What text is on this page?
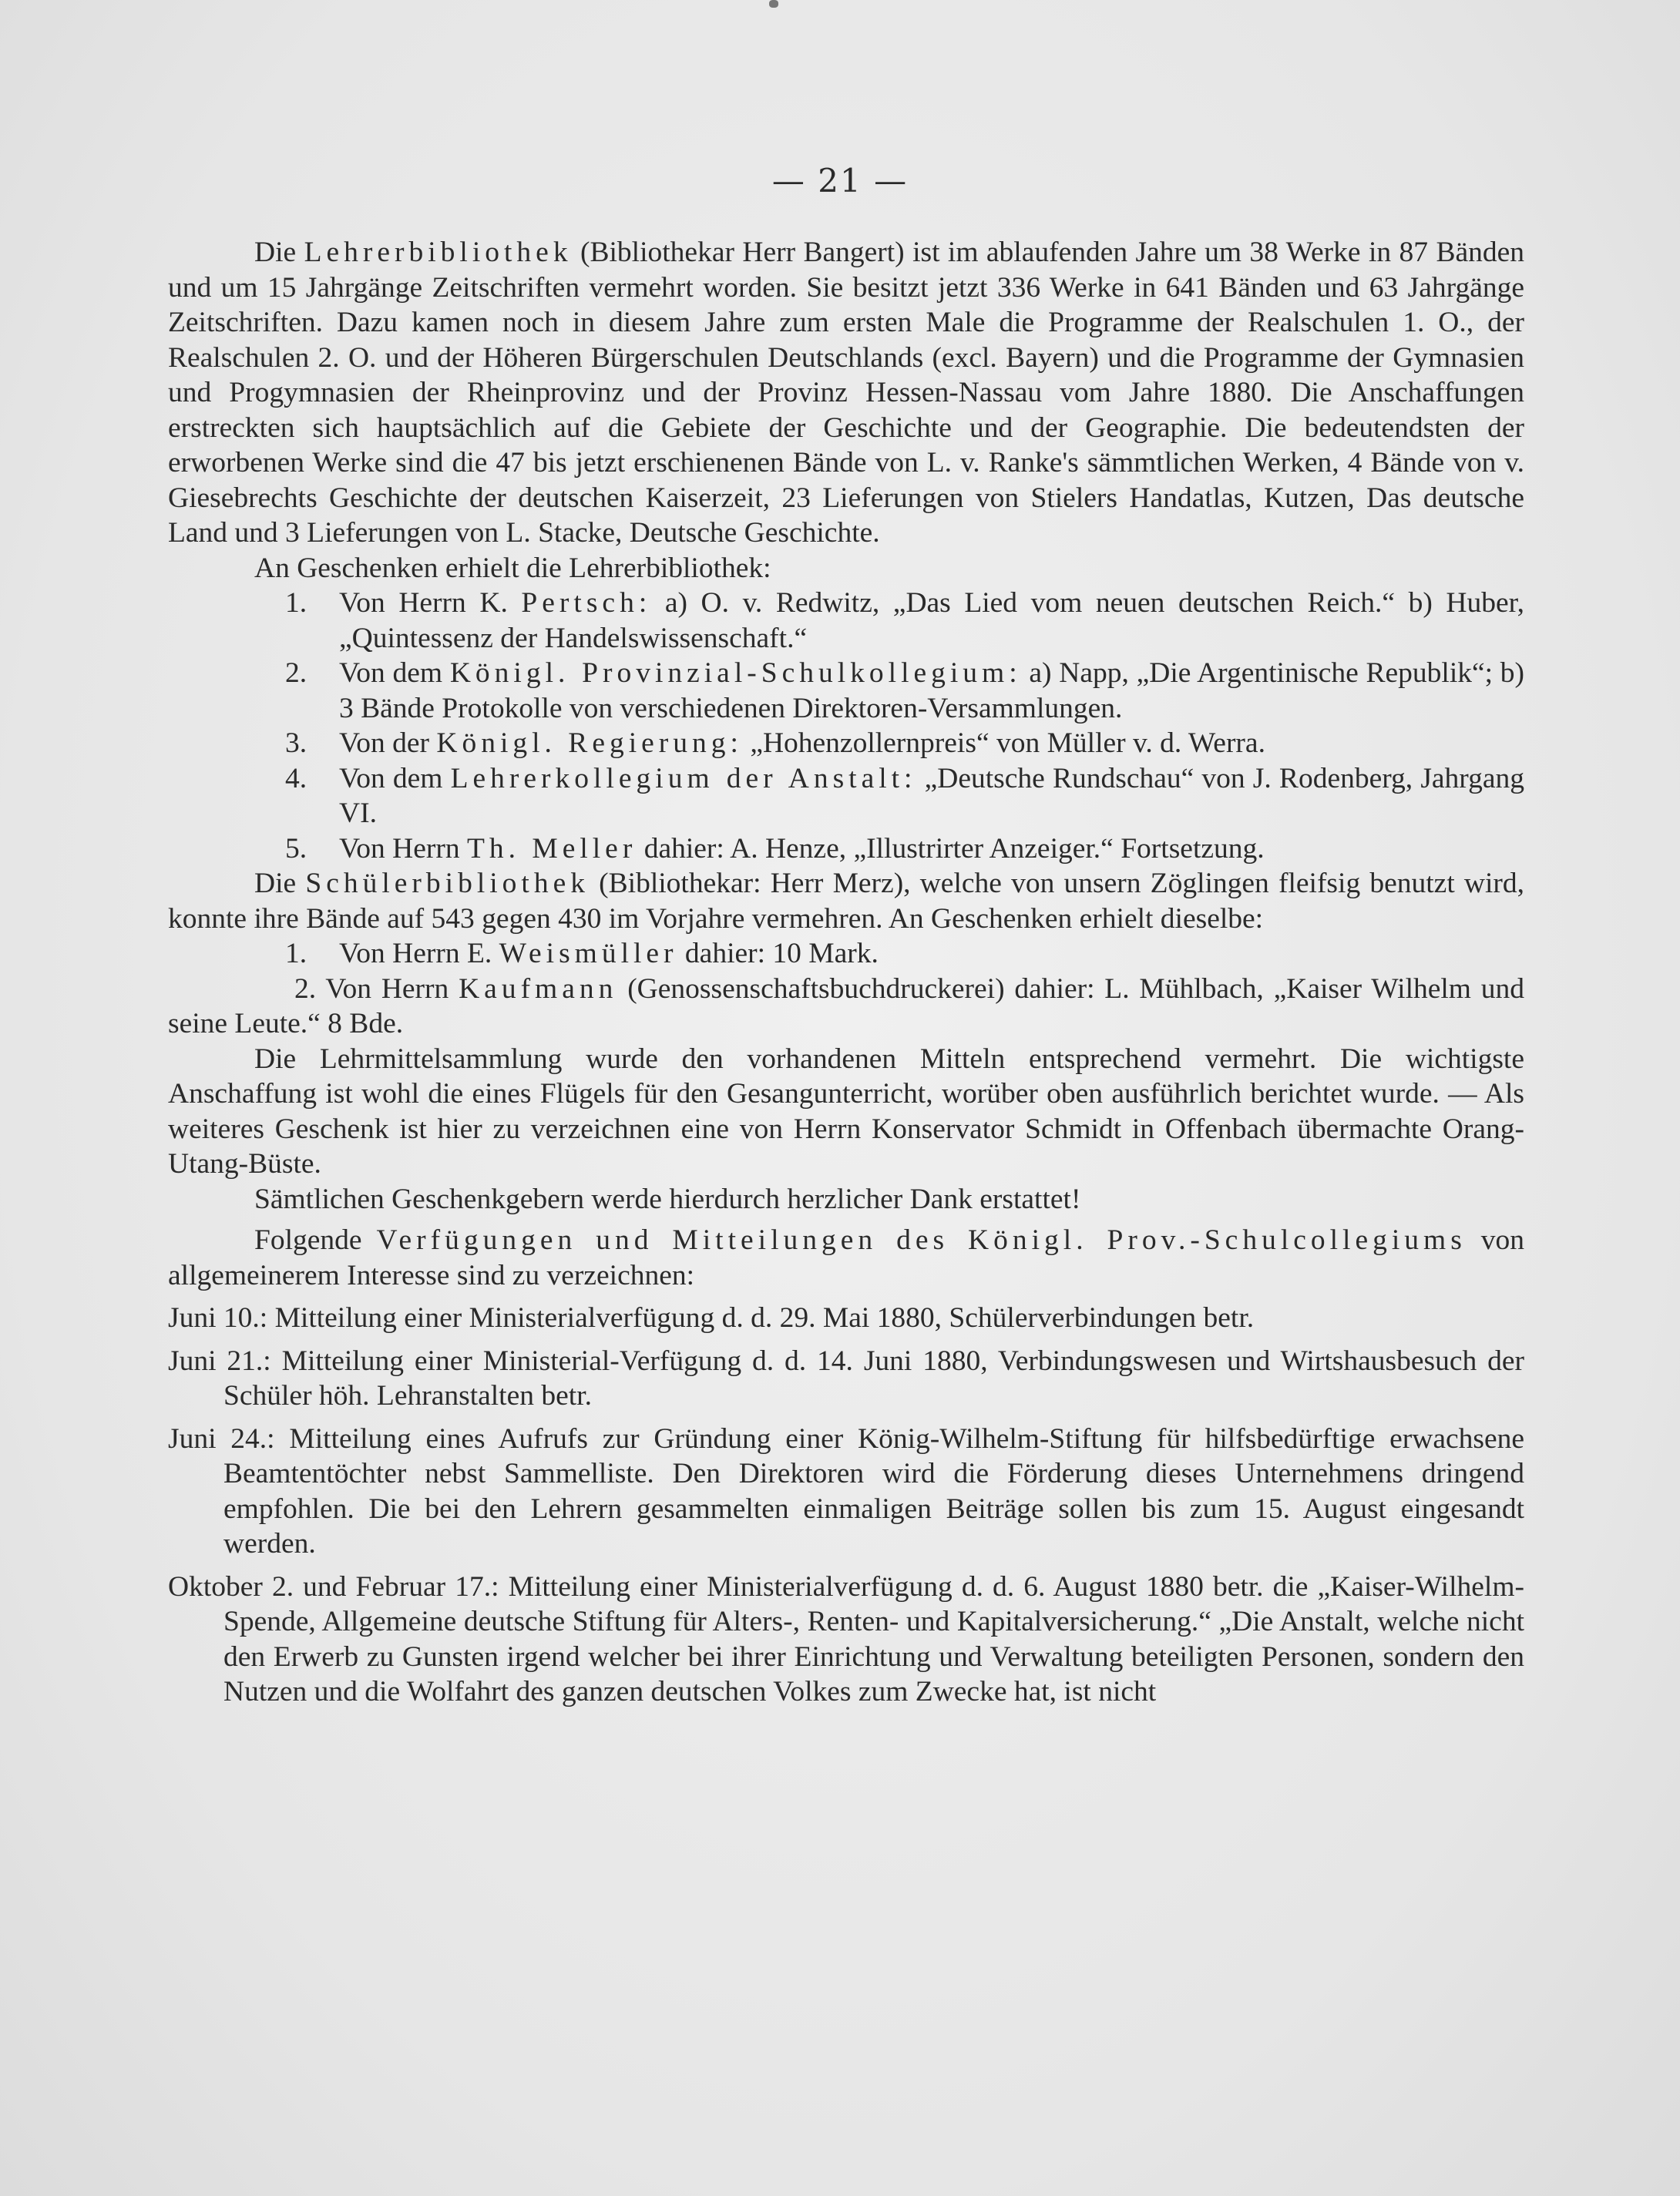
— 21 —

Die Lehrerbibliothek (Bibliothekar Herr Bangert) ist im ablaufenden Jahre um 38 Werke in 87 Bänden und um 15 Jahrgänge Zeitschriften vermehrt worden. Sie besitzt jetzt 336 Werke in 641 Bänden und 63 Jahrgänge Zeitschriften. Dazu kamen noch in diesem Jahre zum ersten Male die Programme der Realschulen 1. O., der Realschulen 2. O. und der Höheren Bürgerschulen Deutschlands (excl. Bayern) und die Programme der Gymnasien und Progymnasien der Rheinprovinz und der Provinz Hessen-Nassau vom Jahre 1880. Die Anschaffungen erstreckten sich hauptsächlich auf die Gebiete der Geschichte und der Geographie. Die bedeutendsten der erworbenen Werke sind die 47 bis jetzt erschienenen Bände von L. v. Ranke's sämmtlichen Werken, 4 Bände von v. Giesebrechts Geschichte der deutschen Kaiserzeit, 23 Lieferungen von Stielers Handatlas, Kutzen, Das deutsche Land und 3 Lieferungen von L. Stacke, Deutsche Geschichte.

An Geschenken erhielt die Lehrerbibliothek:

1. Von Herrn K. Pertsch: a) O. v. Redwitz, „Das Lied vom neuen deutschen Reich.“ b) Huber, „Quintessenz der Handelswissenschaft.“

2. Von dem Königl. Provinzial-Schulkollegium: a) Napp, „Die Argentinische Republik“; b) 3 Bände Protokolle von verschiedenen Direktoren-Versammlungen.

3. Von der Königl. Regierung: „Hohenzollernpreis“ von Müller v. d. Werra.

4. Von dem Lehrerkollegium der Anstalt: „Deutsche Rundschau“ von J. Rodenberg, Jahrgang VI.

5. Von Herrn Th. Meller dahier: A. Henze, „Illustrirter Anzeiger.“ Fortsetzung.

Die Schülerbibliothek (Bibliothekar: Herr Merz), welche von unsern Zöglingen fleifsig benutzt wird, konnte ihre Bände auf 543 gegen 430 im Vorjahre vermehren. An Geschenken erhielt dieselbe:

1. Von Herrn E. Weismüller dahier: 10 Mark.

2. Von Herrn Kaufmann (Genossenschaftsbuchdruckerei) dahier: L. Mühlbach, „Kaiser Wilhelm und seine Leute.“ 8 Bde.

Die Lehrmittelsammlung wurde den vorhandenen Mitteln entsprechend vermehrt. Die wichtigste Anschaffung ist wohl die eines Flügels für den Gesangunterricht, worüber oben ausführlich berichtet wurde. — Als weiteres Geschenk ist hier zu verzeichnen eine von Herrn Konservator Schmidt in Offenbach übermachte Orang-Utang-Büste.

Sämtlichen Geschenkgebern werde hierdurch herzlicher Dank erstattet!

Folgende Verfügungen und Mitteilungen des Königl. Prov.-Schulcollegiums von allgemeinerem Interesse sind zu verzeichnen:

Juni 10.: Mitteilung einer Ministerialverfügung d. d. 29. Mai 1880, Schülerverbindungen betr.

Juni 21.: Mitteilung einer Ministerial-Verfügung d. d. 14. Juni 1880, Verbindungswesen und Wirtshausbesuch der Schüler höh. Lehranstalten betr.

Juni 24.: Mitteilung eines Aufrufs zur Gründung einer König-Wilhelm-Stiftung für hilfsbedürftige erwachsene Beamtentöchter nebst Sammelliste. Den Direktoren wird die Förderung dieses Unternehmens dringend empfohlen. Die bei den Lehrern gesammelten einmaligen Beiträge sollen bis zum 15. August eingesandt werden.

Oktober 2. und Februar 17.: Mitteilung einer Ministerialverfügung d. d. 6. August 1880 betr. die „Kaiser-Wilhelm-Spende, Allgemeine deutsche Stiftung für Alters-, Renten- und Kapitalversicherung.“ „Die Anstalt, welche nicht den Erwerb zu Gunsten irgend welcher bei ihrer Einrichtung und Verwaltung beteiligten Personen, sondern den Nutzen und die Wolfahrt des ganzen deutschen Volkes zum Zwecke hat, ist nicht
